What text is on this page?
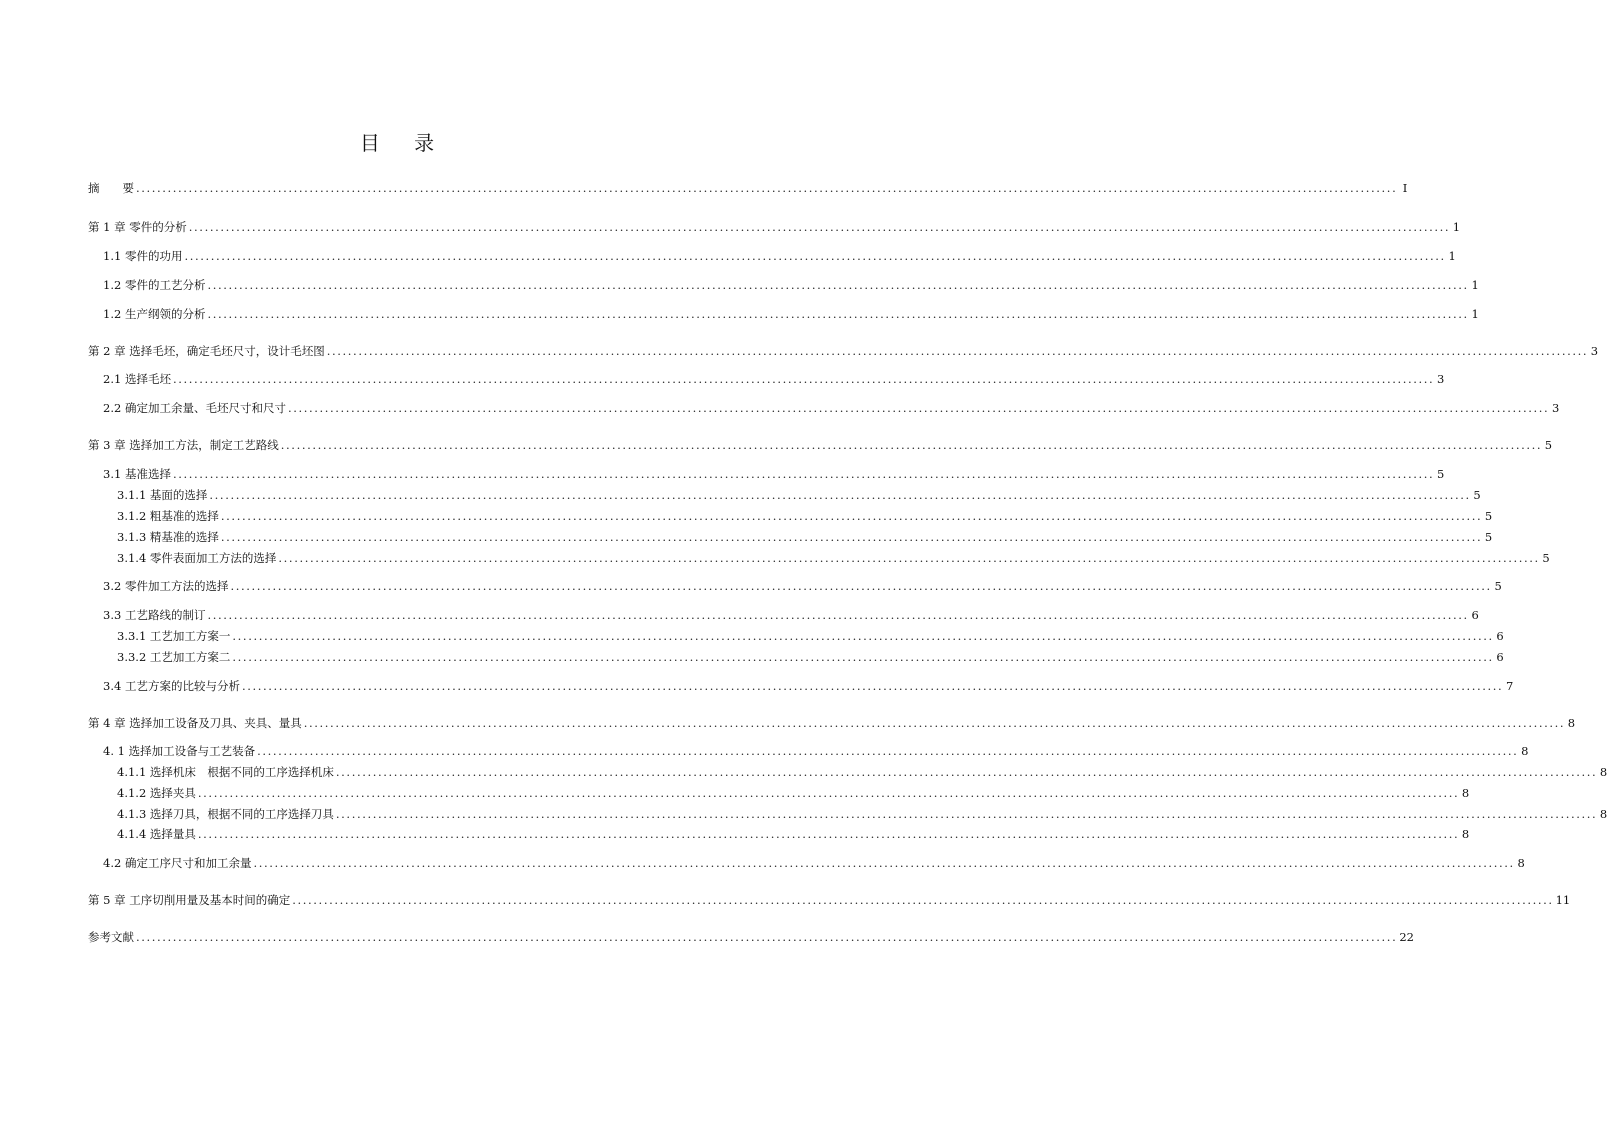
目 录
摘　　要 ................................................................................................................................................................................................................................................ I
第 1 章 零件的分析 ................................................................................................................................................................................................................................................ 1
1.1 零件的功用 ................................................................................................................................................................................................................................................ 1
1.2 零件的工艺分析 ................................................................................................................................................................................................................................................ 1
1.2 生产纲领的分析 ................................................................................................................................................................................................................................................ 1
第 2 章 选择毛坯，确定毛坯尺寸，设计毛坯图 ................................................................................................................................................................................................................................................ 3
2.1 选择毛坯 ................................................................................................................................................................................................................................................ 3
2.2 确定加工余量、毛坯尺寸和尺寸 ................................................................................................................................................................................................................................................ 3
第 3 章 选择加工方法，制定工艺路线 ................................................................................................................................................................................................................................................ 5
3.1 基准选择 ................................................................................................................................................................................................................................................ 5
3.1.1 基面的选择 ................................................................................................................................................................................................................................................ 5
3.1.2 粗基准的选择 ................................................................................................................................................................................................................................................ 5
3.1.3 精基准的选择 ................................................................................................................................................................................................................................................ 5
3.1.4 零件表面加工方法的选择 ................................................................................................................................................................................................................................................ 5
3.2 零件加工方法的选择 ................................................................................................................................................................................................................................................ 5
3.3 工艺路线的制订 ................................................................................................................................................................................................................................................ 6
3.3.1 工艺加工方案一 ................................................................................................................................................................................................................................................ 6
3.3.2 工艺加工方案二 ................................................................................................................................................................................................................................................ 6
3.4 工艺方案的比较与分析 ................................................................................................................................................................................................................................................ 7
第 4 章 选择加工设备及刀具、夹具、量具 ................................................................................................................................................................................................................................................ 8
4. 1 选择加工设备与工艺装备 ................................................................................................................................................................................................................................................ 8
4.1.1 选择机床　根据不同的工序选择机床 ................................................................................................................................................................................................................................................ 8
4.1.2 选择夹具 ................................................................................................................................................................................................................................................ 8
4.1.3 选择刀具，根据不同的工序选择刀具 ................................................................................................................................................................................................................................................ 8
4.1.4 选择量具 ................................................................................................................................................................................................................................................ 8
4.2 确定工序尺寸和加工余量 ................................................................................................................................................................................................................................................ 8
第 5 章 工序切削用量及基本时间的确定 ................................................................................................................................................................................................................................................ 11
参考文献 ................................................................................................................................................................................................................................................ 22
